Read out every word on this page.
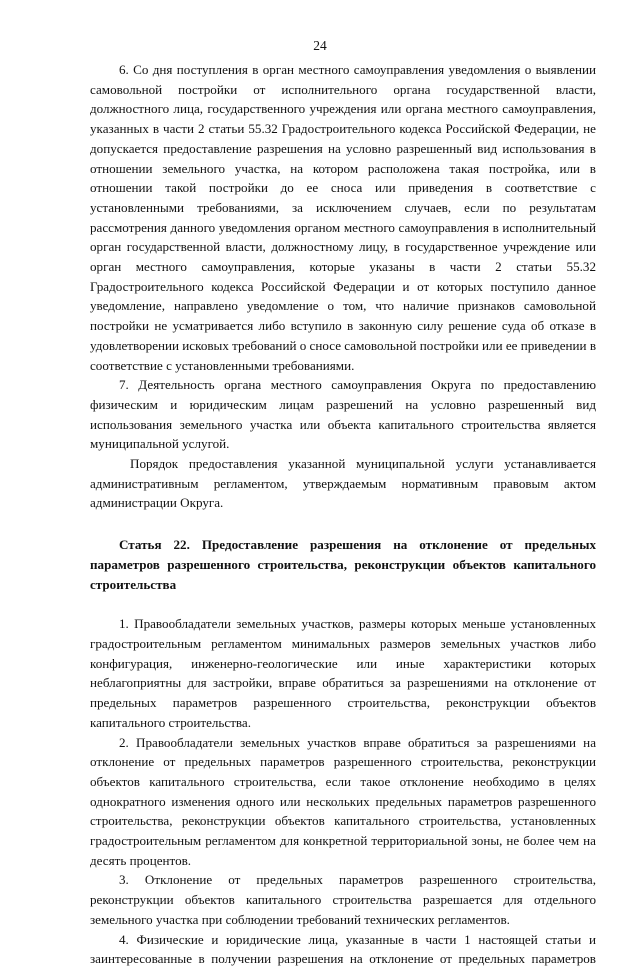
24

6. Со дня поступления в орган местного самоуправления уведомления о выявлении самовольной постройки от исполнительного органа государственной власти, должностного лица, государственного учреждения или органа местного самоуправления, указанных в части 2 статьи 55.32 Градостроительного кодекса Российской Федерации, не допускается предоставление разрешения на условно разрешенный вид использования в отношении земельного участка, на котором расположена такая постройка, или в отношении такой постройки до ее сноса или приведения в соответствие с установленными требованиями, за исключением случаев, если по результатам рассмотрения данного уведомления органом местного самоуправления в исполнительный орган государственной власти, должностному лицу, в государственное учреждение или орган местного самоуправления, которые указаны в части 2 статьи 55.32 Градостроительного кодекса Российской Федерации и от которых поступило данное уведомление, направлено уведомление о том, что наличие признаков самовольной постройки не усматривается либо вступило в законную силу решение суда об отказе в удовлетворении исковых требований о сносе самовольной постройки или ее приведении в соответствие с установленными требованиями.

7. Деятельность органа местного самоуправления Округа по предоставлению физическим и юридическим лицам разрешений на условно разрешенный вид использования земельного участка или объекта капитального строительства является муниципальной услугой.

Порядок предоставления указанной муниципальной услуги устанавливается административным регламентом, утверждаемым нормативным правовым актом администрации Округа.

Статья 22. Предоставление разрешения на отклонение от предельных параметров разрешенного строительства, реконструкции объектов капитального строительства

1. Правообладатели земельных участков, размеры которых меньше установленных градостроительным регламентом минимальных размеров земельных участков либо конфигурация, инженерно-геологические или иные характеристики которых неблагоприятны для застройки, вправе обратиться за разрешениями на отклонение от предельных параметров разрешенного строительства, реконструкции объектов капитального строительства.

2. Правообладатели земельных участков вправе обратиться за разрешениями на отклонение от предельных параметров разрешенного строительства, реконструкции объектов капитального строительства, если такое отклонение необходимо в целях однократного изменения одного или нескольких предельных параметров разрешенного строительства, реконструкции объектов капитального строительства, установленных градостроительным регламентом для конкретной территориальной зоны, не более чем на десять процентов.

3. Отклонение от предельных параметров разрешенного строительства, реконструкции объектов капитального строительства разрешается для отдельного земельного участка при соблюдении требований технических регламентов.

4. Физические и юридические лица, указанные в части 1 настоящей статьи и заинтересованные в получении разрешения на отклонение от предельных параметров
